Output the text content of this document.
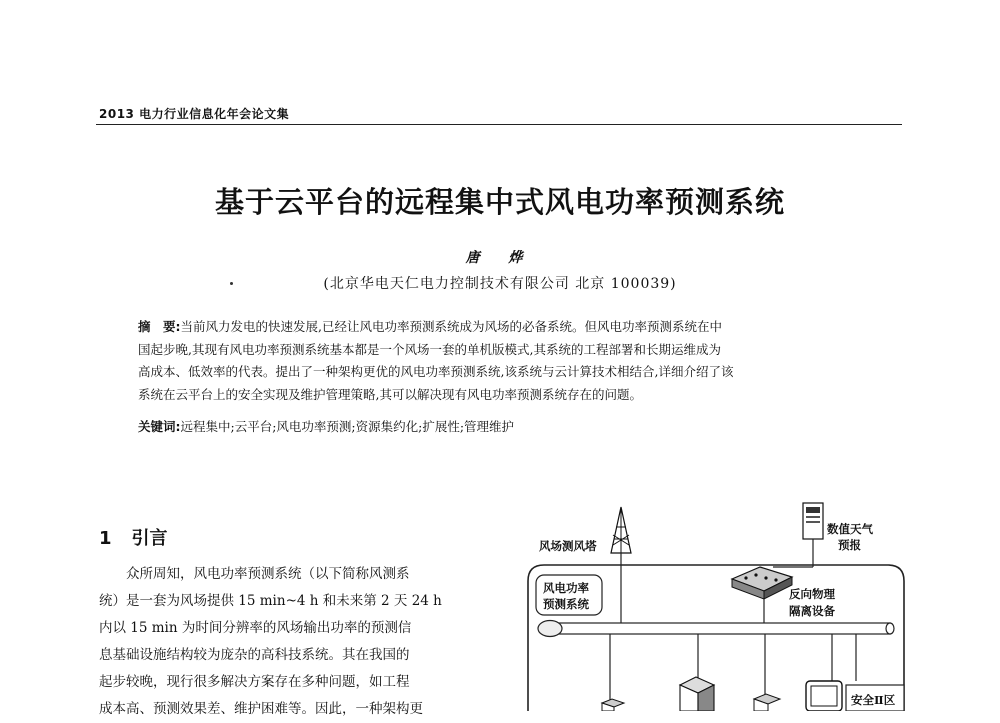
2013 电力行业信息化年会论文集
基于云平台的远程集中式风电功率预测系统
唐 烨
(北京华电天仁电力控制技术有限公司 北京 100039)
摘　要:当前风力发电的快速发展,已经让风电功率预测系统成为风场的必备系统。但风电功率预测系统在中
国起步晚,其现有风电功率预测系统基本都是一个风场一套的单机版模式,其系统的工程部署和长期运维成为
高成本、低效率的代表。提出了一种架构更优的风电功率预测系统,该系统与云计算技术相结合,详细介绍了该
系统在云平台上的安全实现及维护管理策略,其可以解决现有风电功率预测系统存在的问题。
关键词:远程集中;云平台;风电功率预测;资源集约化;扩展性;管理维护
1 引言
众所周知，风电功率预测系统（以下简称风测系
统）是一套为风场提供 15 min~4 h 和未来第 2 天 24 h
内以 15 min 为时间分辨率的风场输出功率的预测信
息基础设施结构较为庞杂的高科技系统。其在我国的
起步较晚，现行很多解决方案存在多种问题，如工程
成本高、预测效果差、维护困难等。因此，一种架构更
风场测风塔
数值天气
预报
风电功率
预测系统
反向物理
隔离设备
安全Ⅱ区
